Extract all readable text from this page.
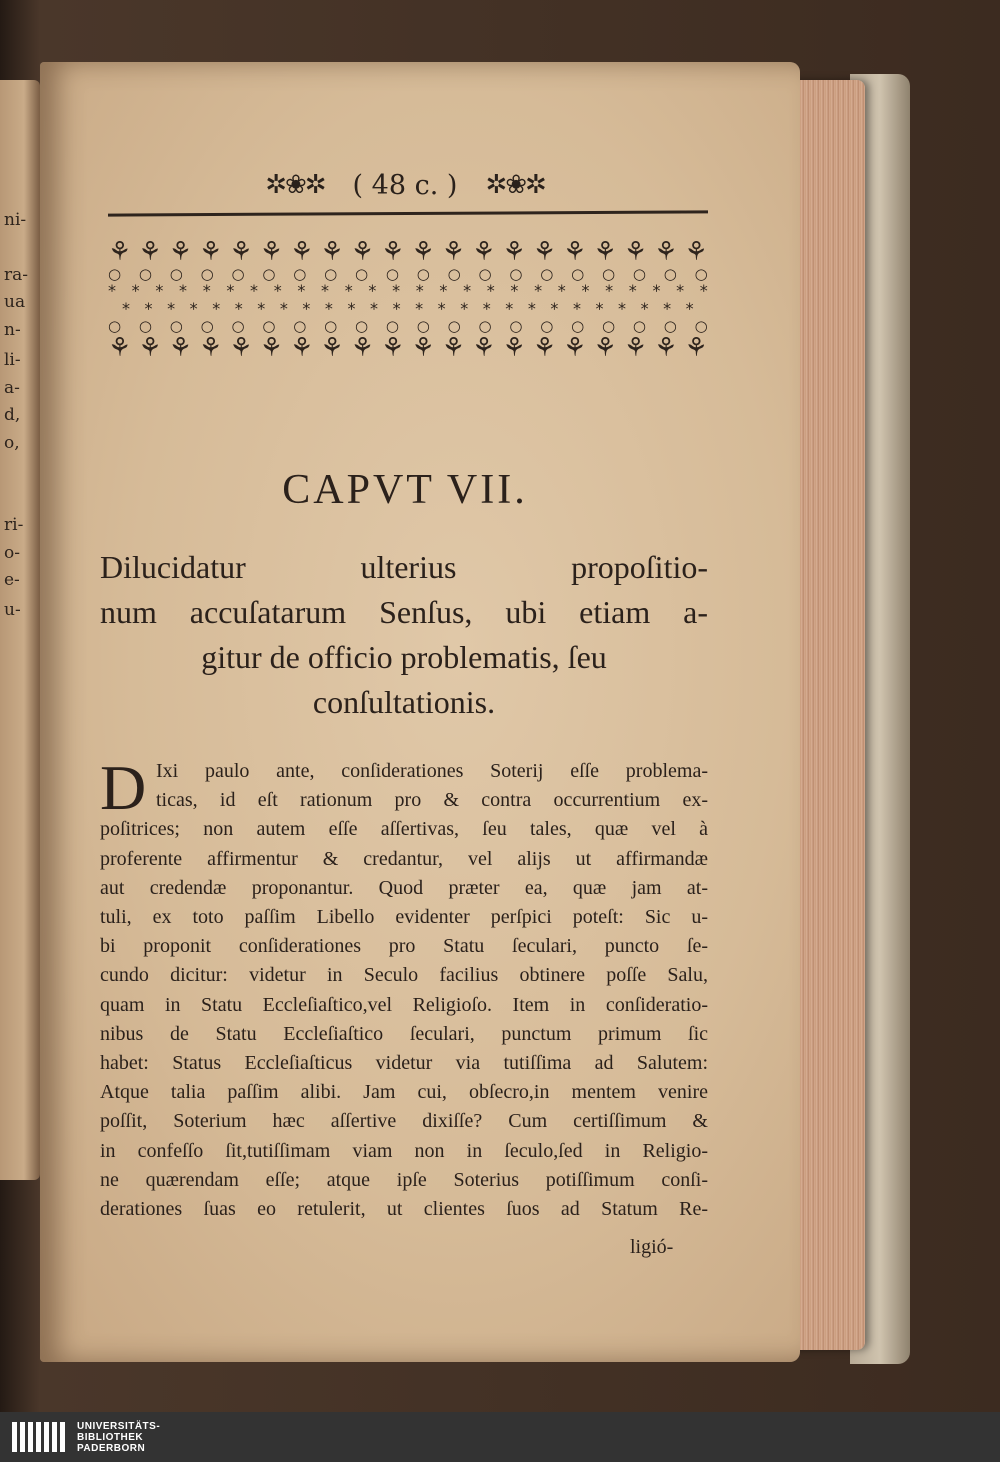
ni-
ra-
ua
n-
li-
a-
d,
o,
ri-
o-
e-
u-
✲❀✲ ( 48 c. ) ✲❀✲
⚘ ⚘ ⚘ ⚘ ⚘ ⚘ ⚘ ⚘ ⚘ ⚘ ⚘ ⚘ ⚘ ⚘ ⚘ ⚘ ⚘ ⚘ ⚘ ⚘
○ ○ ○ ○ ○ ○ ○ ○ ○ ○ ○ ○ ○ ○ ○ ○ ○ ○ ○ ○
* * * * * * * * * * * * * * * * * * * * * * * * * *
* * * * * * * * * * * * * * * * * * * * * * * * * *
○ ○ ○ ○ ○ ○ ○ ○ ○ ○ ○ ○ ○ ○ ○ ○ ○ ○ ○ ○
⚘ ⚘ ⚘ ⚘ ⚘ ⚘ ⚘ ⚘ ⚘ ⚘ ⚘ ⚘ ⚘ ⚘ ⚘ ⚘ ⚘ ⚘ ⚘ ⚘
CAPVT VII.
Dilucidatur ulterius propoſitio-
num accuſatarum Senſus, ubi etiam a-
gitur de officio problematis, ſeu
conſultationis.
D Ixi paulo ante, conſiderationes Soterij eſſe problema-
ticas, id eſt rationum pro & contra occurrentium ex-
poſitrices; non autem eſſe aſſertivas, ſeu tales, quæ vel à
proferente affirmentur & credantur, vel alijs ut affirmandæ
aut credendæ proponantur. Quod præter ea, quæ jam at-
tuli, ex toto paſſim Libello evidenter perſpici poteſt: Sic u-
bi proponit conſiderationes pro Statu ſeculari, puncto ſe-
cundo dicitur: videtur in Seculo facilius obtinere poſſe Salu,
quam in Statu Eccleſiaſtico,vel Religioſo. Item in conſideratio-
nibus de Statu Eccleſiaſtico ſeculari, punctum primum ſic
habet: Status Eccleſiaſticus videtur via tutiſſima ad Salutem:
Atque talia paſſim alibi. Jam cui, obſecro,in mentem venire
poſſit, Soterium hæc aſſertive dixiſſe? Cum certiſſimum &
in confeſſo ſit,tutiſſimam viam non in ſeculo,ſed in Religio-
ne quærendam eſſe; atque ipſe Soterius potiſſimum conſi-
derationes ſuas eo retulerit, ut clientes ſuos ad Statum Re-
ligió-
UNIVERSITÄTS-
BIBLIOTHEK
PADERBORN
